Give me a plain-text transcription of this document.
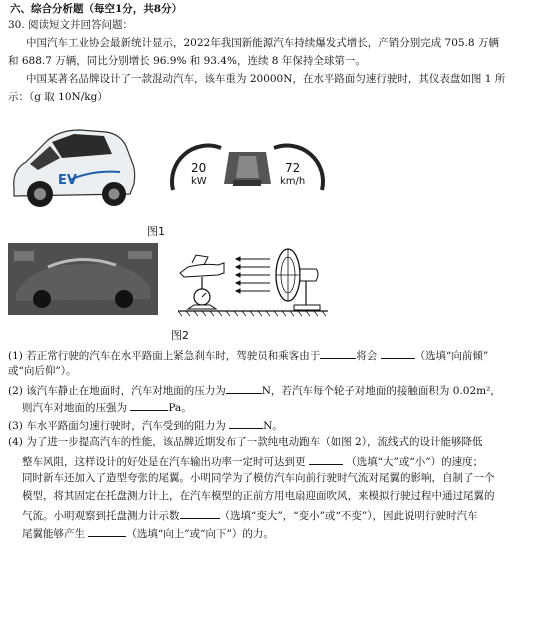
六、综合分析题（每空1分，共8分）
30. 阅读短文并回答问题：
中国汽车工业协会最新统计显示，2022年我国新能源汽车持续爆发式增长，产销分别完成 705.8 万辆
和 688.7 万辆，同比分别增长 96.9% 和 93.4%，连续 8 年保持全球第一。
中国某著名品牌设计了一款混动汽车，该车重为 20000N，在水平路面匀速行驶时，其仪表盘如图 1 所
示：（g 取 10N/kg）
EV
20
kW
72
km/h
图1
图2
(1) 若正常行驶的汽车在水平路面上紧急刹车时，驾驶员和乘客由于	将会	（选填“向前倾”
或“向后仰”）。
(2) 该汽车静止在地面时，汽车对地面的压力为	N，若汽车每个轮子对地面的接触面积为 0.02m²，
则汽车对地面的压强为	Pa。
(3) 车水平路面匀速行驶时，汽车受到的阻力为	N。
(4) 为了进一步提高汽车的性能，该品牌近期发布了一款纯电动跑车（如图 2），流线式的设计能够降低
整车风阻，这样设计的好处是在汽车输出功率一定时可达到更	（选填“大”或“小”）的速度；
同时新车还加入了造型夸张的尾翼。小明同学为了模仿汽车向前行驶时气流对尾翼的影响，自制了一个
模型，将其固定在托盘测力计上，在汽车模型的正前方用电扇迎面吹风，来模拟行驶过程中通过尾翼的
气流。小明观察到托盘测力计示数	（选填“变大”，“变小”或“不变”），因此说明行驶时汽车
尾翼能够产生	（选填“向上”或“向下”）的力。
